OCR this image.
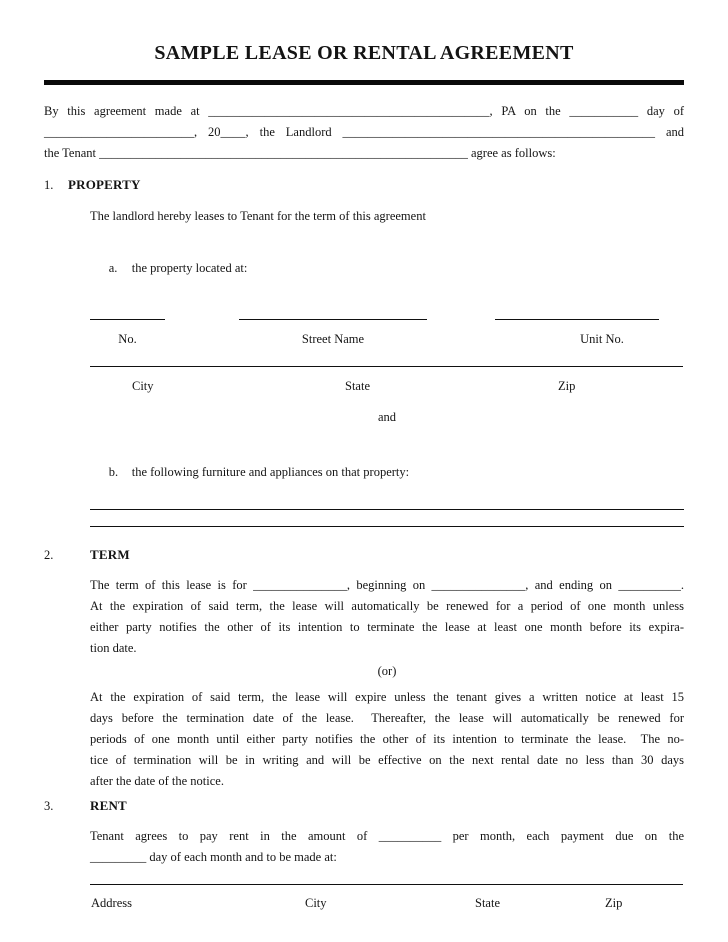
SAMPLE LEASE OR RENTAL AGREEMENT
By this agreement made at _____________________________________________, PA on the ___________ day of
________________________, 20____, the Landlord __________________________________________________ and
the Tenant ___________________________________________________________ agree as follows:
1. PROPERTY
The landlord hereby leases to Tenant for the term of this agreement

a. the property located at:

No.	Street Name	Unit No.
City	State	Zip
and

b. the following furniture and appliances on that property:

2.	TERM
The term of this lease is for _______________, beginning on _______________, and ending on __________.
At the expiration of said term, the lease will automatically be renewed for a period of one month unless
either party notifies the other of its intention to terminate the lease at least one month before its expira-
tion date.
(or)
At the expiration of said term, the lease will expire unless the tenant gives a written notice at least 15
days before the termination date of the lease.  Thereafter, the lease will automatically be renewed for
periods of one month until either party notifies the other of its intention to terminate the lease.  The no-
tice of termination will be in writing and will be effective on the next rental date no less than 30 days
after the date of the notice.
3.	RENT
Tenant agrees to pay rent in the amount of __________ per month, each payment due on the
_________ day of each month and to be made at:
Address	City	State	Zip
